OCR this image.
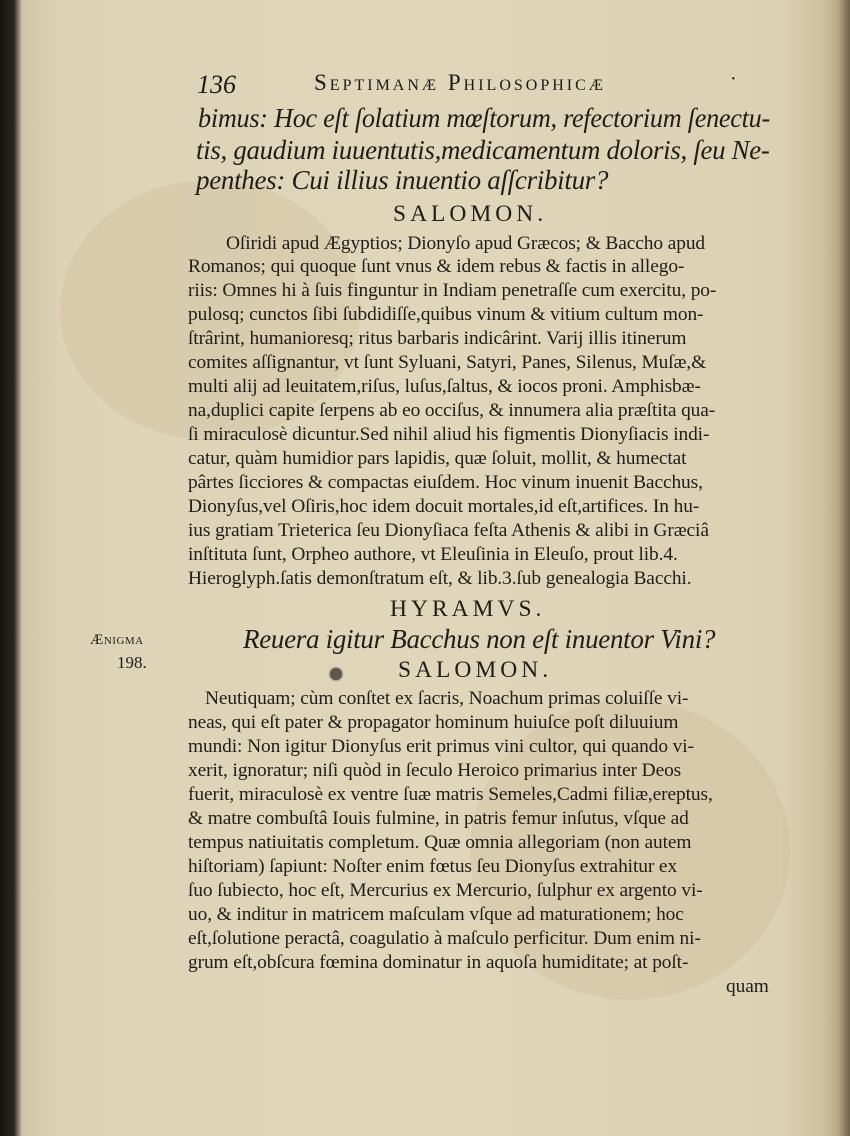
136	Septimanæ Philosophicæ	·
bimus: Hoc eſt ſolatium mœſtorum, refectorium ſenectu-
tis, gaudium iuuentutis,medicamentum doloris, ſeu Ne-
penthes: Cui illius inuentio aſſcribitur?
SALOMON.
Oſiridi apud Ægyptios; Dionyſo apud Græcos; & Baccho apud
Romanos; qui quoque ſunt vnus & idem rebus & factis in allego-
riis: Omnes hi à ſuis finguntur in Indiam penetraſſe cum exercitu, po-
pulosq; cunctos ſibi ſubdidiſſe,quibus vinum & vitium cultum mon-
ſtrârint, humanioresq; ritus barbaris indicârint. Varij illis itinerum
comites aſſignantur, vt ſunt Syluani, Satyri, Panes, Silenus, Muſæ,&
multi alij ad leuitatem,riſus, luſus,ſaltus, & iocos proni. Amphisbæ-
na,duplici capite ſerpens ab eo occiſus, & innumera alia præſtita qua-
ſi miraculosè dicuntur.Sed nihil aliud his figmentis Dionyſiacis indi-
catur, quàm humidior pars lapidis, quæ ſoluit, mollit, & humectat
pârtes ſicciores & compactas eiuſdem. Hoc vinum inuenit Bacchus,
Dionyſus,vel Oſiris,hoc idem docuit mortales,id eſt,artifices. In hu-
ius gratiam Trieterica ſeu Dionyſiaca feſta Athenis & alibi in Græciâ
inſtituta ſunt, Orpheo authore, vt Eleuſinia in Eleuſo, prout lib.4.
Hieroglyph.ſatis demonſtratum eſt, & lib.3.ſub genealogia Bacchi.
HYRAMVS.
Ænigma
198.
Reuera igitur Bacchus non eſt inuentor Vini?
SALOMON.
Neutiquam; cùm conſtet ex ſacris, Noachum primas coluiſſe vi-
neas, qui eſt pater & propagator hominum huiuſce poſt diluuium
mundi: Non igitur Dionyſus erit primus vini cultor, qui quando vi-
xerit, ignoratur; niſi quòd in ſeculo Heroico primarius inter Deos
fuerit, miraculosè ex ventre ſuæ matris Semeles,Cadmi filiæ,ereptus,
& matre combuſtâ Iouis fulmine, in patris femur inſutus, vſque ad
tempus natiuitatis completum. Quæ omnia allegoriam (non autem
hiſtoriam) ſapiunt: Noſter enim fœtus ſeu Dionyſus extrahitur ex
ſuo ſubiecto, hoc eſt, Mercurius ex Mercurio, ſulphur ex argento vi-
uo, & inditur in matricem maſculam vſque ad maturationem; hoc
eſt,ſolutione peractâ, coagulatio à maſculo perficitur. Dum enim ni-
grum eſt,obſcura fœmina dominatur in aquoſa humiditate; at poſt-
quam
